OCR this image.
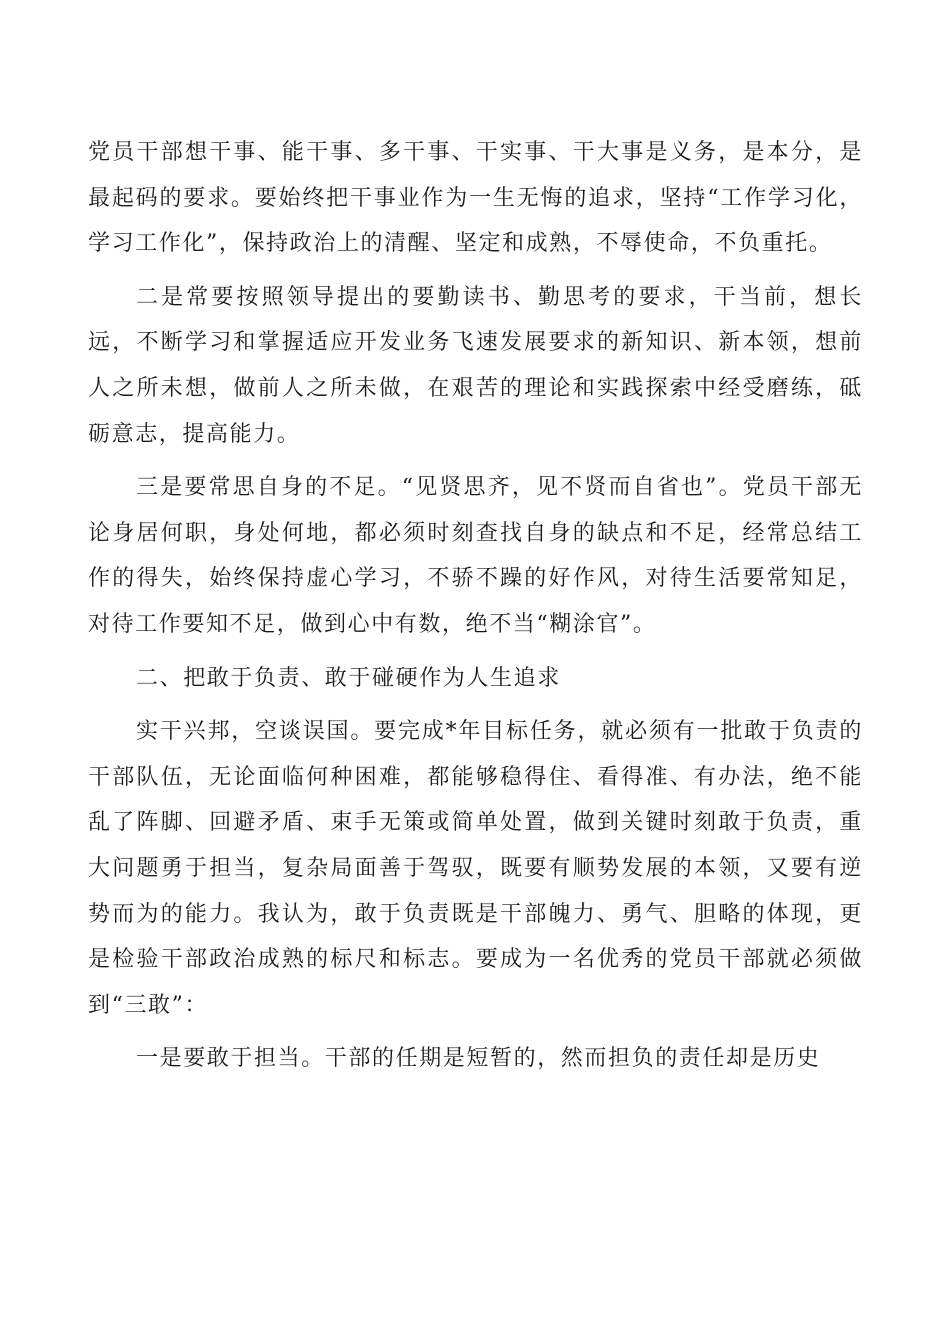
党员干部想干事、能干事、多干事、干实事、干大事是义务，是本分，是最起码的要求。要始终把干事业作为一生无悔的追求，坚持“工作学习化，学习工作化”，保持政治上的清醒、坚定和成熟，不辱使命，不负重托。

二是常要按照领导提出的要勤读书、勤思考的要求，干当前，想长远，不断学习和掌握适应开发业务飞速发展要求的新知识、新本领，想前人之所未想，做前人之所未做，在艰苦的理论和实践探索中经受磨练，砥砺意志，提高能力。

三是要常思自身的不足。“见贤思齐，见不贤而自省也”。党员干部无论身居何职，身处何地，都必须时刻查找自身的缺点和不足，经常总结工作的得失，始终保持虚心学习，不骄不躁的好作风，对待生活要常知足，对待工作要知不足，做到心中有数，绝不当“糊涂官”。

二、把敢于负责、敢于碰硬作为人生追求

实干兴邦，空谈误国。要完成*年目标任务，就必须有一批敢于负责的干部队伍，无论面临何种困难，都能够稳得住、看得准、有办法，绝不能乱了阵脚、回避矛盾、束手无策或简单处置，做到关键时刻敢于负责，重大问题勇于担当，复杂局面善于驾驭，既要有顺势发展的本领，又要有逆势而为的能力。我认为，敢于负责既是干部魄力、勇气、胆略的体现，更是检验干部政治成熟的标尺和标志。要成为一名优秀的党员干部就必须做到“三敢”：

一是要敢于担当。干部的任期是短暂的，然而担负的责任却是历史
